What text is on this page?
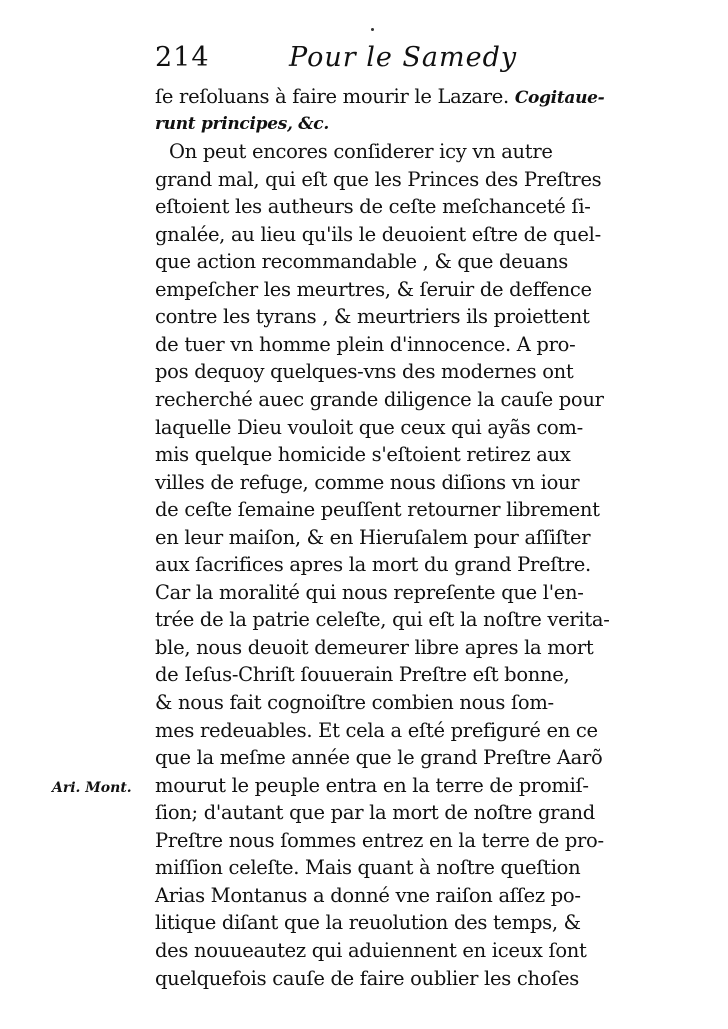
214	Pour le Samedy
ſe reſoluans à faire mourir le Lazare. Cogitaue-
runt principes, &c.
On peut encores conſiderer icy vn autre
grand mal, qui eſt que les Princes des Preſtres
eſtoient les autheurs de ceſte meſchanceté ſi-
gnalée, au lieu qu'ils le deuoient eſtre de quel-
que action recommandable , & que deuans
empeſcher les meurtres, & ſeruir de deffence
contre les tyrans , & meurtriers ils proiettent
de tuer vn homme plein d'innocence. A pro-
pos dequoy quelques-vns des modernes ont
recherché auec grande diligence la cauſe pour
laquelle Dieu vouloit que ceux qui ayãs com-
mis quelque homicide s'eſtoient retirez aux
villes de refuge, comme nous diſions vn iour
de ceſte ſemaine peuſſent retourner librement
en leur maiſon, & en Hieruſalem pour aſſiſter
aux ſacrifices apres la mort du grand Preſtre.
Car la moralité qui nous repreſente que l'en-
trée de la patrie celeſte, qui eſt la noſtre verita-
ble, nous deuoit demeurer libre apres la mort
de Ieſus-Chriſt ſouuerain Preſtre eſt bonne,
& nous fait cognoiſtre combien nous ſom-
mes redeuables. Et cela a eſté prefiguré en ce
que la meſme année que le grand Preſtre Aarõ
mourut le peuple entra en la terre de promiſ-
ſion; d'autant que par la mort de noſtre grand
Preſtre nous ſommes entrez en la terre de pro-
miſſion celeſte. Mais quant à noſtre queſtion
Arias Montanus a donné vne raiſon aſſez po-
litique diſant que la reuolution des temps, &
des nouueautez qui aduiennent en iceux ſont
quelquefois cauſe de faire oublier les choſes
Ari. Mont.
